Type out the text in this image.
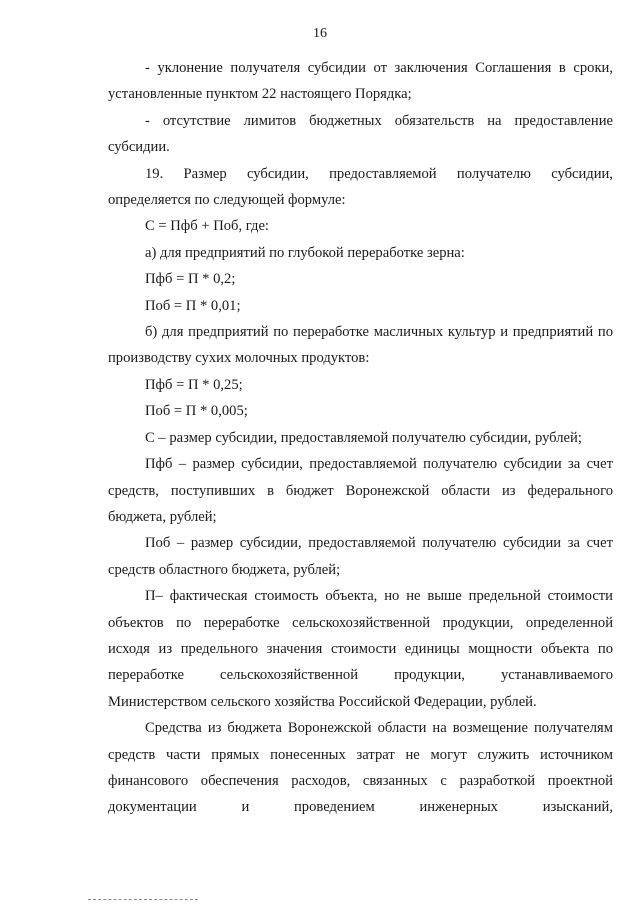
16

- уклонение получателя субсидии от заключения Соглашения в сроки, установленные пунктом 22 настоящего Порядка;

- отсутствие лимитов бюджетных обязательств на предоставление субсидии.

19. Размер субсидии, предоставляемой получателю субсидии, определяется по следующей формуле:

С = Пфб + Поб, где:

а) для предприятий по глубокой переработке зерна:

Пфб = П * 0,2;

Поб = П * 0,01;

б) для предприятий по переработке масличных культур и предприятий по производству сухих молочных продуктов:

Пфб = П * 0,25;

Поб = П * 0,005;

С – размер субсидии, предоставляемой получателю субсидии, рублей;

Пфб – размер субсидии, предоставляемой получателю субсидии за счет средств, поступивших в бюджет Воронежской области из федерального бюджета, рублей;

Поб – размер субсидии, предоставляемой получателю субсидии за счет средств областного бюджета, рублей;

П– фактическая стоимость объекта, но не выше предельной стоимости объектов по переработке сельскохозяйственной продукции, определенной исходя из предельного значения стоимости единицы мощности объекта по переработке сельскохозяйственной продукции, устанавливаемого Министерством сельского хозяйства Российской Федерации, рублей.

Средства из бюджета Воронежской области на возмещение получателям средств части прямых понесенных затрат не могут служить источником финансового обеспечения расходов, связанных с разработкой проектной документации и проведением инженерных изысканий,
